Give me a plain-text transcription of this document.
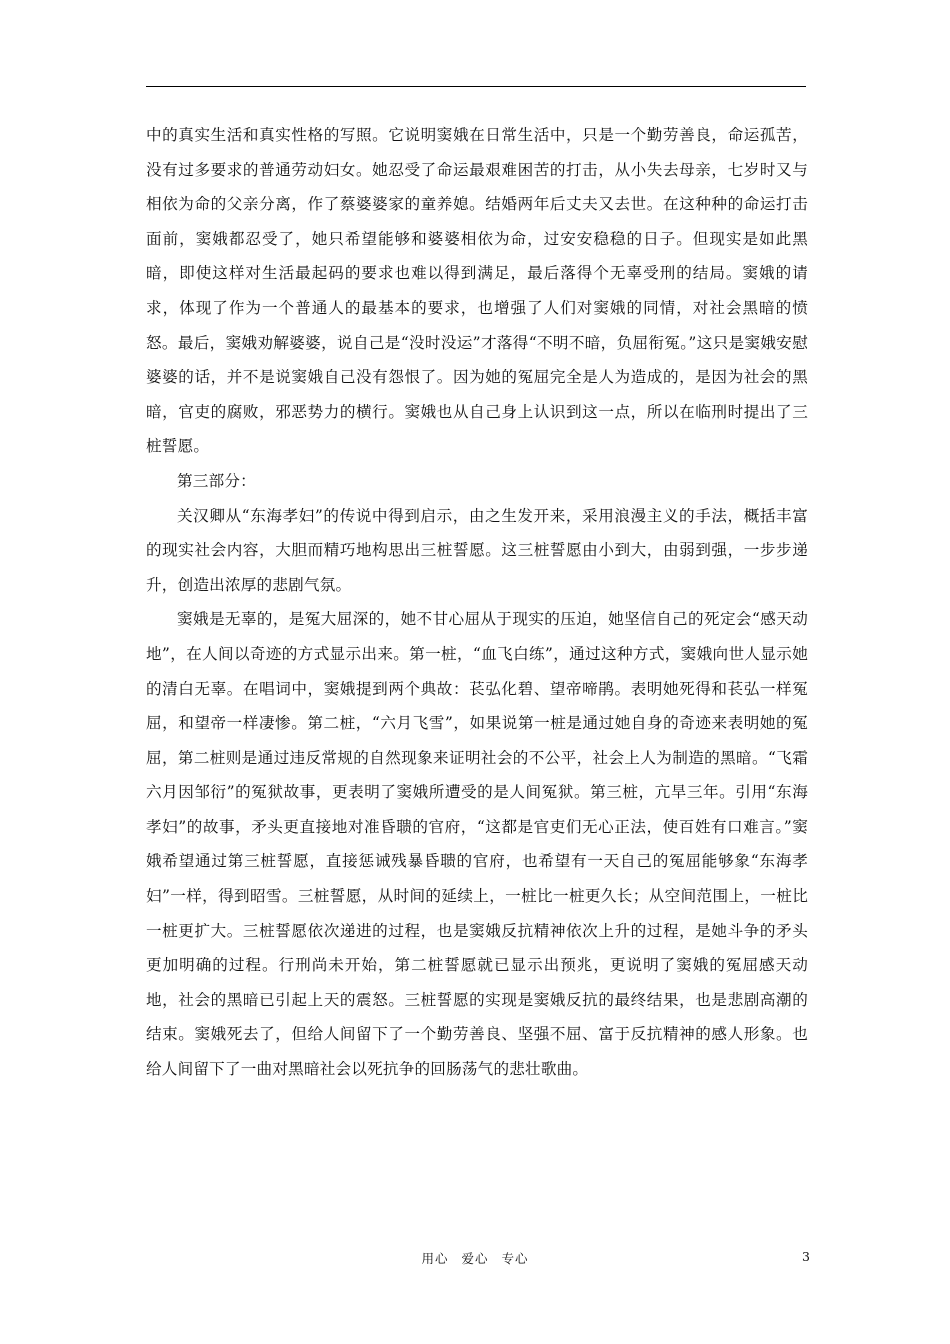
中的真实生活和真实性格的写照。它说明窦娥在日常生活中，只是一个勤劳善良，命运孤苦，没有过多要求的普通劳动妇女。她忍受了命运最艰难困苦的打击，从小失去母亲，七岁时又与相依为命的父亲分离，作了蔡婆婆家的童养媳。结婚两年后丈夫又去世。在这种种的命运打击面前，窦娥都忍受了，她只希望能够和婆婆相依为命，过安安稳稳的日子。但现实是如此黑暗，即使这样对生活最起码的要求也难以得到满足，最后落得个无辜受刑的结局。窦娥的请求，体现了作为一个普通人的最基本的要求，也增强了人们对窦娥的同情，对社会黑暗的愤怒。最后，窦娥劝解婆婆，说自己是“没时没运”才落得“不明不暗，负屈衔冤。”这只是窦娥安慰婆婆的话，并不是说窦娥自己没有怨恨了。因为她的冤屈完全是人为造成的，是因为社会的黑暗，官吏的腐败，邪恶势力的横行。窦娥也从自己身上认识到这一点，所以在临刑时提出了三桩誓愿。

第三部分：

关汉卿从“东海孝妇”的传说中得到启示，由之生发开来，采用浪漫主义的手法，概括丰富的现实社会内容，大胆而精巧地构思出三桩誓愿。这三桩誓愿由小到大，由弱到强，一步步递升，创造出浓厚的悲剧气氛。

窦娥是无辜的，是冤大屈深的，她不甘心屈从于现实的压迫，她坚信自己的死定会“感天动地”，在人间以奇迹的方式显示出来。第一桩，“血飞白练”，通过这种方式，窦娥向世人显示她的清白无辜。在唱词中，窦娥提到两个典故：苌弘化碧、望帝啼鹃。表明她死得和苌弘一样冤屈，和望帝一样凄惨。第二桩，“六月飞雪”，如果说第一桩是通过她自身的奇迹来表明她的冤屈，第二桩则是通过违反常规的自然现象来证明社会的不公平，社会上人为制造的黑暗。“飞霜六月因邹衍”的冤狱故事，更表明了窦娥所遭受的是人间冤狱。第三桩，亢旱三年。引用“东海孝妇”的故事，矛头更直接地对准昏聩的官府，“这都是官吏们无心正法，使百姓有口难言。”窦娥希望通过第三桩誓愿，直接惩诫残暴昏聩的官府，也希望有一天自己的冤屈能够象“东海孝妇”一样，得到昭雪。三桩誓愿，从时间的延续上，一桩比一桩更久长；从空间范围上，一桩比一桩更扩大。三桩誓愿依次递进的过程，也是窦娥反抗精神依次上升的过程，是她斗争的矛头更加明确的过程。行刑尚未开始，第二桩誓愿就已显示出预兆，更说明了窦娥的冤屈感天动地，社会的黑暗已引起上天的震怒。三桩誓愿的实现是窦娥反抗的最终结果，也是悲剧高潮的结束。窦娥死去了，但给人间留下了一个勤劳善良、坚强不屈、富于反抗精神的感人形象。也给人间留下了一曲对黑暗社会以死抗争的回肠荡气的悲壮歌曲。

用心 爱心 专心	3
